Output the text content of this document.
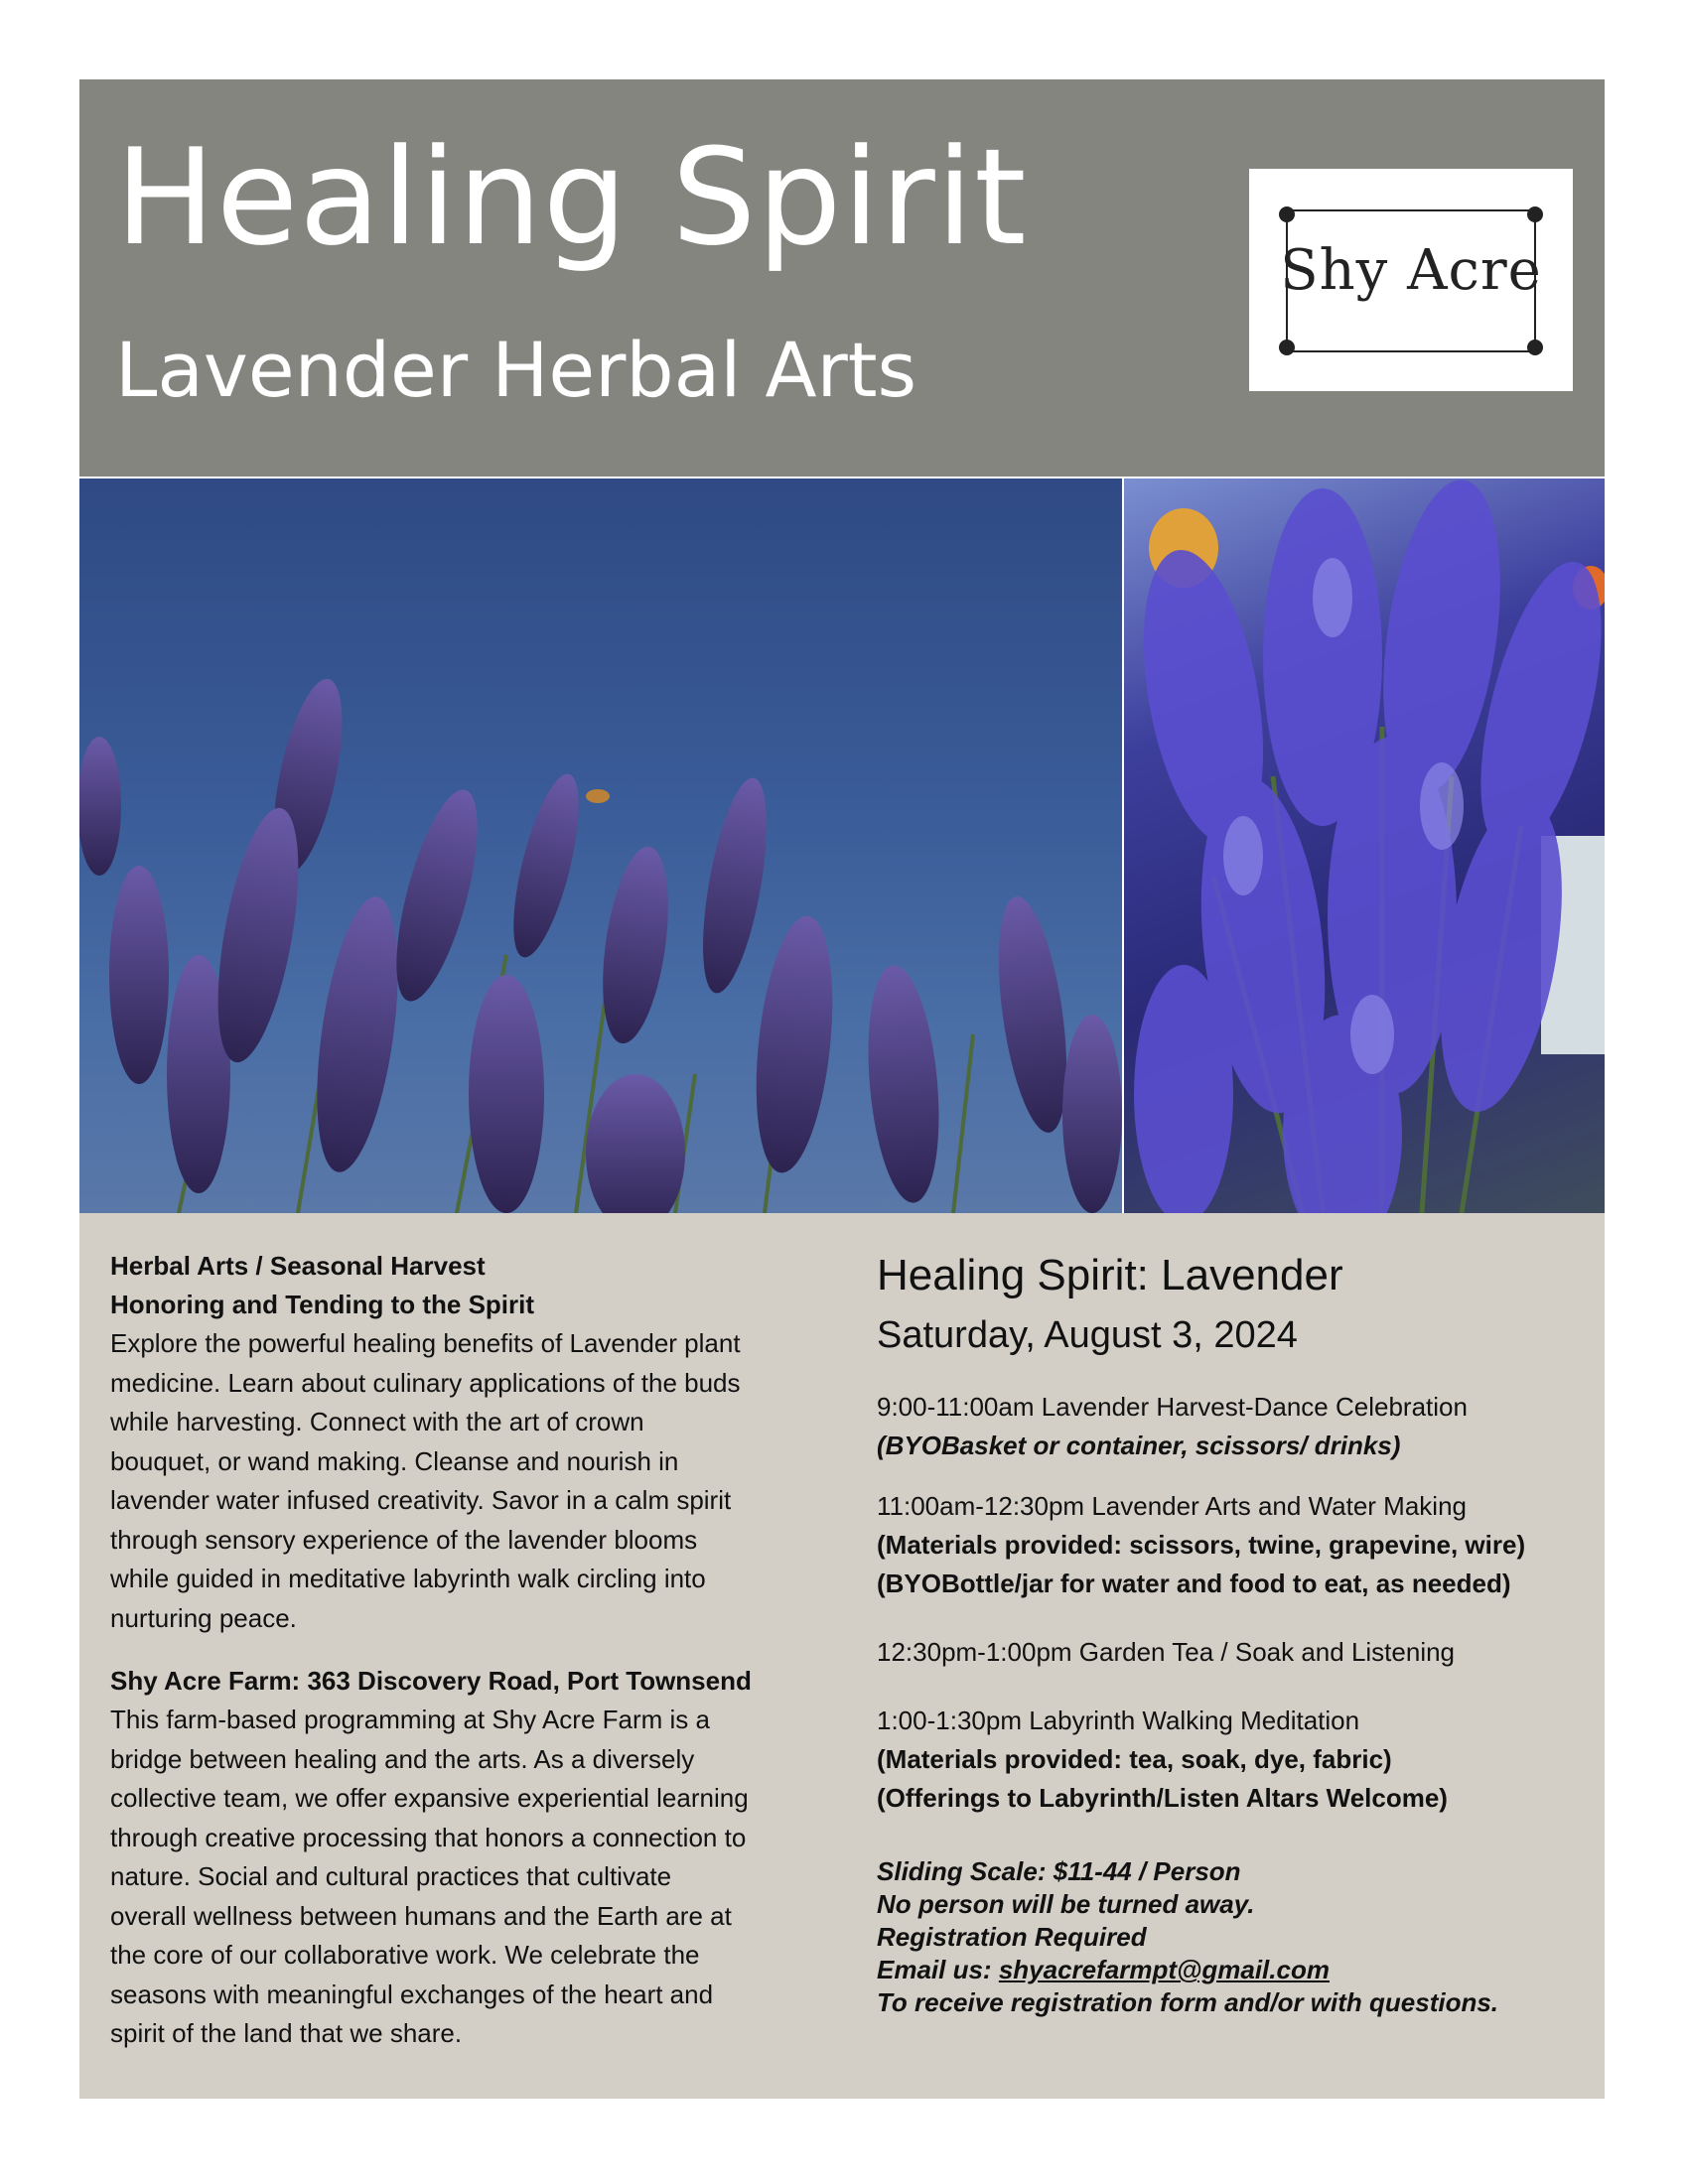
Healing Spirit
Lavender Herbal Arts
Shy Acre

Herbal Arts / Seasonal Harvest

Honoring and Tending to the Spirit

Explore the powerful healing benefits of Lavender plant

medicine. Learn about culinary applications of the buds

while harvesting. Connect with the art of crown

bouquet, or wand making. Cleanse and nourish in

lavender water infused creativity. Savor in a calm spirit

through sensory experience of the lavender blooms

while guided in meditative labyrinth walk circling into

nurturing peace.

Shy Acre Farm: 363 Discovery Road, Port Townsend

This farm-based programming at Shy Acre Farm is a

bridge between healing and the arts. As a diversely

collective team, we offer expansive experiential learning

through creative processing that honors a connection to

nature. Social and cultural practices that cultivate

overall wellness between humans and the Earth are at

the core of our collaborative work. We celebrate the

seasons with meaningful exchanges of the heart and

spirit of the land that we share.

Healing Spirit: Lavender

Saturday, August 3, 2024

9:00-11:00am Lavender Harvest-Dance Celebration

(BYOBasket or container, scissors/ drinks)

11:00am-12:30pm Lavender Arts and Water Making

(Materials provided: scissors, twine, grapevine, wire)

(BYOBottle/jar for water and food to eat, as needed)

12:30pm-1:00pm Garden Tea / Soak and Listening

1:00-1:30pm Labyrinth Walking Meditation

(Materials provided: tea, soak, dye, fabric)

(Offerings to Labyrinth/Listen Altars Welcome)

Sliding Scale: $11-44 / Person

No person will be turned away.

Registration Required

Email us: shyacrefarmpt@gmail.com

To receive registration form and/or with questions.
